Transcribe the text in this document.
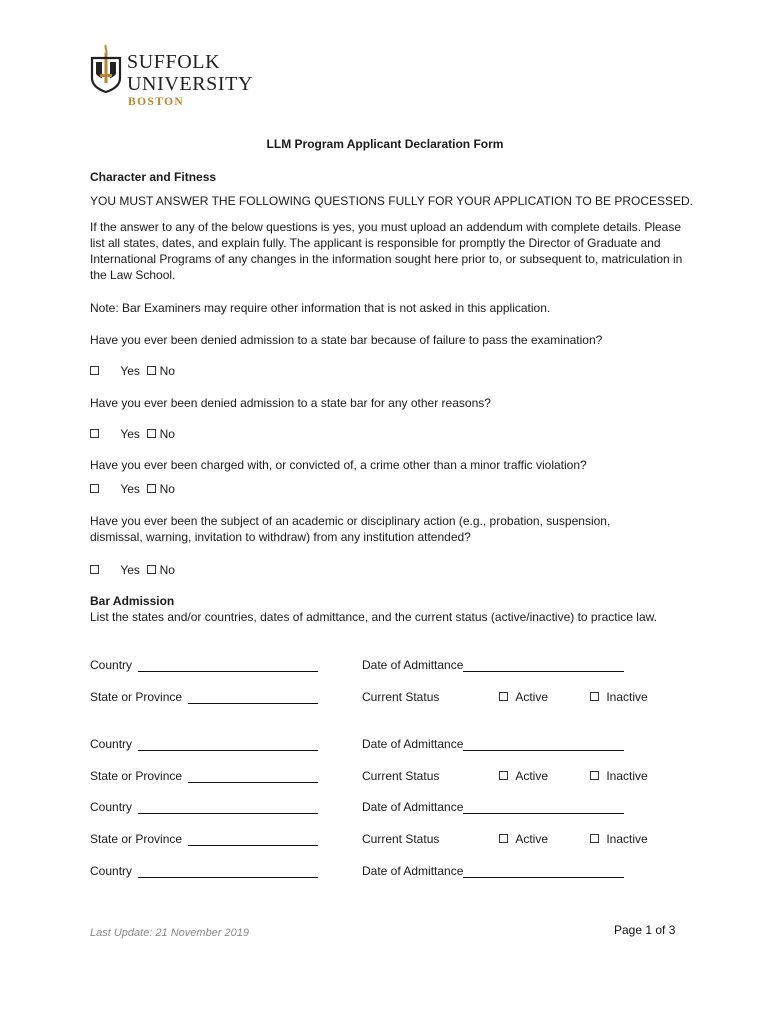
SUFFOLK
UNIVERSITY
BOSTON
LLM Program Applicant Declaration Form
Character and Fitness
YOU MUST ANSWER THE FOLLOWING QUESTIONS FULLY FOR YOUR APPLICATION TO BE PROCESSED.
If the answer to any of the below questions is yes, you must upload an addendum with complete details. Please list all states, dates, and explain fully. The applicant is responsible for promptly the Director of Graduate and International Programs of any changes in the information sought here prior to, or subsequent to, matriculation in the Law School.
Note: Bar Examiners may require other information that is not asked in this application.
Have you ever been denied admission to a state bar because of failure to pass the examination?
Yes No
Have you ever been denied admission to a state bar for any other reasons?
Yes No
Have you ever been charged with, or convicted of, a crime other than a minor traffic violation?
Yes No
Have you ever been the subject of an academic or disciplinary action (e.g., probation, suspension, dismissal, warning, invitation to withdraw) from any institution attended?
Yes No
Bar Admission
List the states and/or countries, dates of admittance, and the current status (active/inactive) to practice law.
Country	Date of Admittance
State or Province	Current Status	Active	Inactive
Country	Date of Admittance
State or Province	Current Status	Active	Inactive
Country	Date of Admittance
State or Province	Current Status	Active	Inactive
Country	Date of Admittance
Last Update: 21 November 2019	Page 1 of 3
